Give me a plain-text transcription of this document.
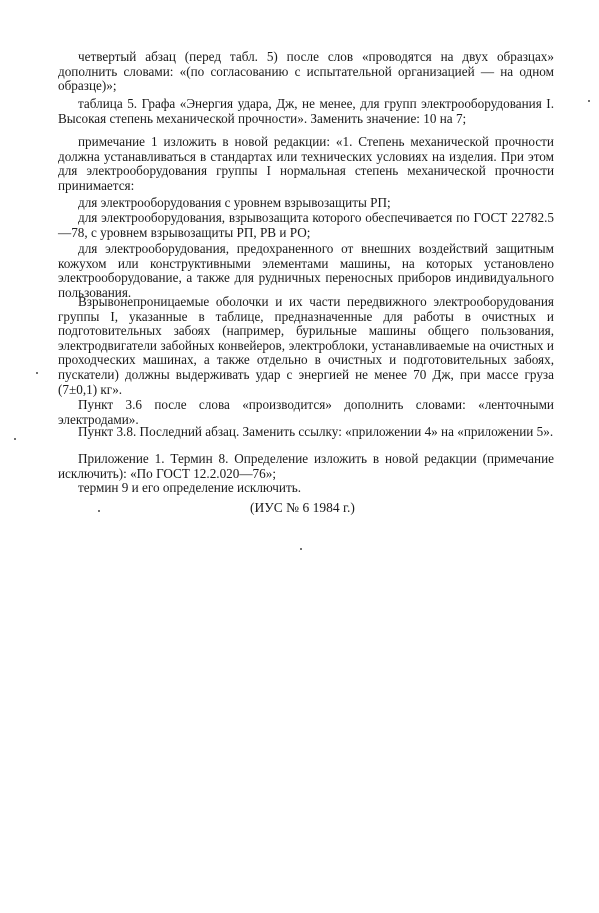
четвертый абзац (перед табл. 5) после слов «проводятся на двух образцах» дополнить словами: «(по согласованию с испытательной организацией — на одном образце)»;

таблица 5. Графа «Энергия удара, Дж, не менее, для групп электрооборудования I. Высокая степень механической прочности». Заменить значение: 10 на 7;

примечание 1 изложить в новой редакции: «1. Степень механической прочности должна устанавливаться в стандартах или технических условиях на изделия. При этом для электрооборудования группы I нормальная степень механической прочности принимается:

для электрооборудования с уровнем взрывозащиты РП;

для электрооборудования, взрывозащита которого обеспечивается по ГОСТ 22782.5—78, с уровнем взрывозащиты РП, РВ и РО;

для электрооборудования, предохраненного от внешних воздействий защитным кожухом или конструктивными элементами машины, на которых установлено электрооборудование, а также для рудничных переносных приборов индивидуального пользования.

Взрывонепроницаемые оболочки и их части передвижного электрооборудования группы I, указанные в таблице, предназначенные для работы в очистных и подготовительных забоях (например, бурильные машины общего пользования, электродвигатели забойных конвейеров, электроблоки, устанавливаемые на очистных и проходческих машинах, а также отдельно в очистных и подготовительных забоях, пускатели) должны выдерживать удар с энергией не менее 70 Дж, при массе груза (7±0,1) кг».

Пункт 3.6 после слова «производится» дополнить словами: «ленточными электродами».

Пункт 3.8. Последний абзац. Заменить ссылку: «приложении 4» на «приложении 5».

Приложение 1. Термин 8. Определение изложить в новой редакции (примечание исключить): «По ГОСТ 12.2.020—76»;

термин 9 и его определение исключить.

(ИУС № 6 1984 г.)
